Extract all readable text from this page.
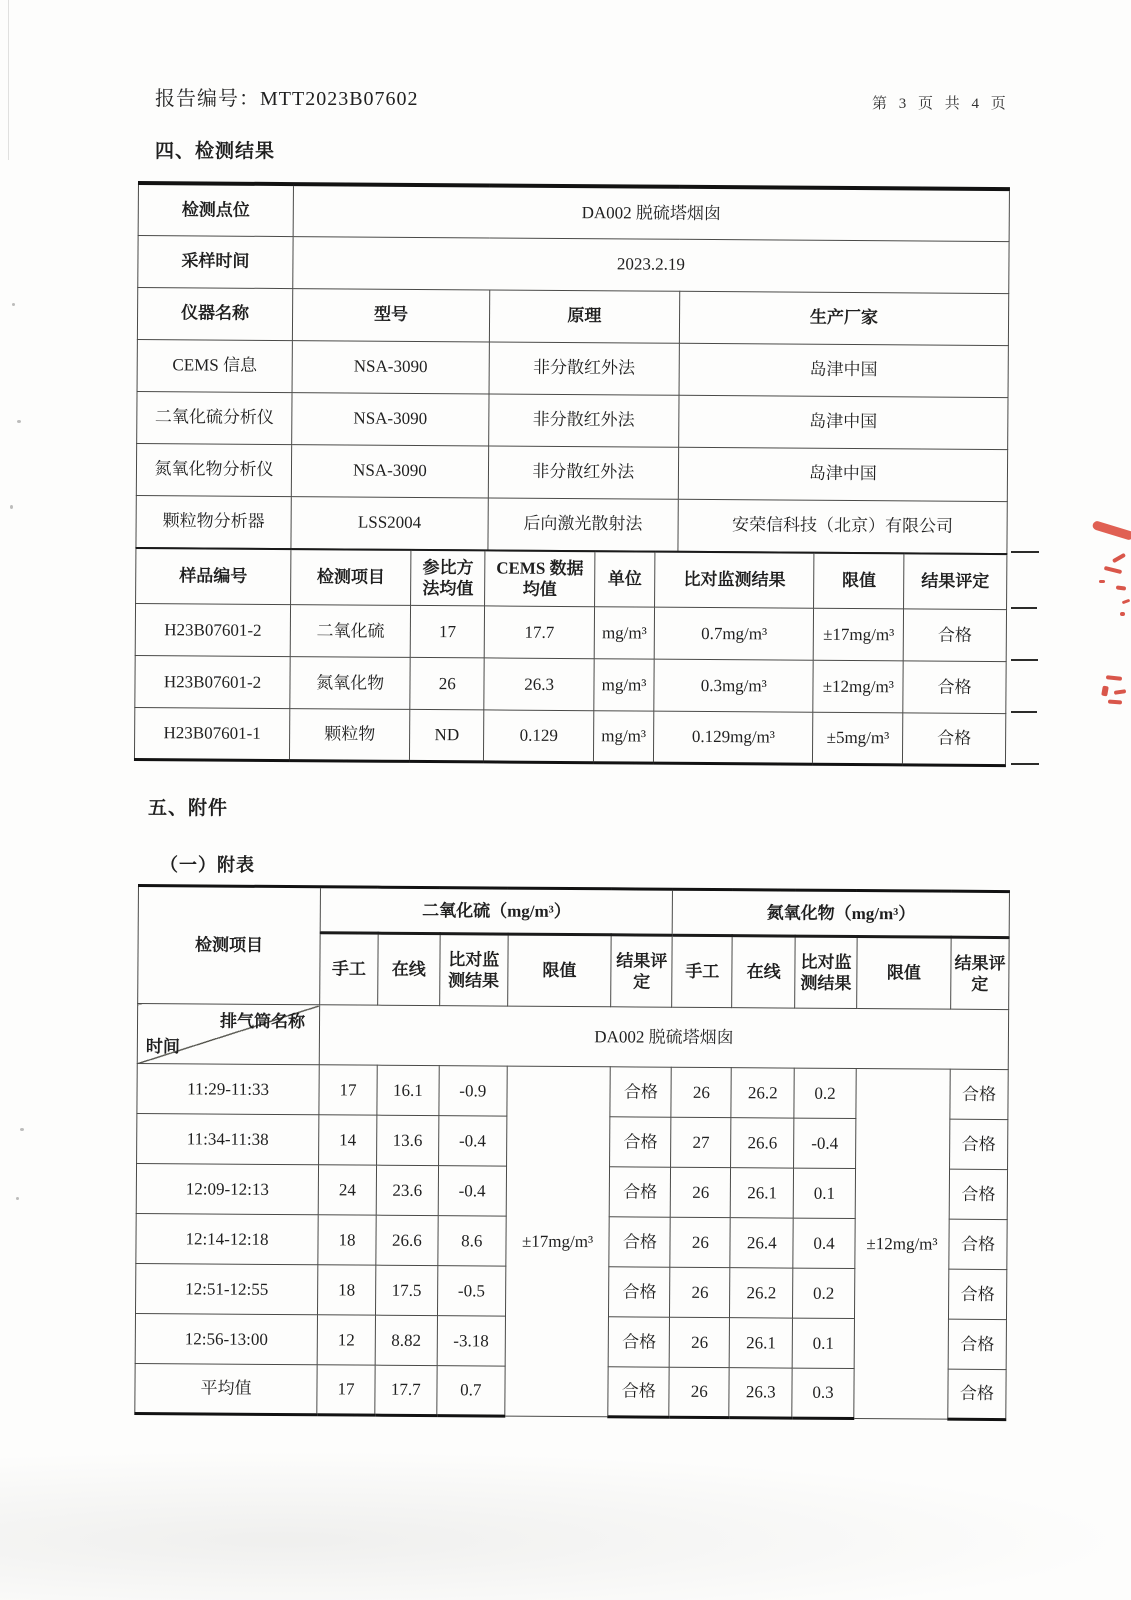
报告编号：MTT2023B07602	第 3 页 共 4 页
四、检测结果
检测点位	DA002 脱硫塔烟囱		
采样时间	2023.2.19		
仪器名称	型号	原理	生产厂家
CEMS 信息	NSA-3090	非分散红外法	岛津中国
二氧化硫分析仪	NSA-3090	非分散红外法	岛津中国
氮氧化物分析仪	NSA-3090	非分散红外法	岛津中国
颗粒物分析器	LSS2004	后向激光散射法	安荣信科技（北京）有限公司
样品编号	检测项目	参比方法均值	CEMS 数据均值	单位	比对监测结果	限值	结果评定
H23B07601-2	二氧化硫	17	17.7	mg/m³	0.7mg/m³	±17mg/m³	合格
H23B07601-2	氮氧化物	26	26.3	mg/m³	0.3mg/m³	±12mg/m³	合格
H23B07601-1	颗粒物	ND	0.129	mg/m³	0.129mg/m³	±5mg/m³	合格
五、附件
（一）附表
检测项目	二氧化硫（mg/m³）					氮氧化物（mg/m³）				
	手工	在线	比对监测结果	限值	结果评定	手工	在线	比对监测结果	限值	结果评定

排气筒名称
时间	DA002 脱硫塔烟囱									
11:29-11:33	17	16.1	-0.9	±17mg/m³	合格	26	26.2	0.2	±12mg/m³	合格
11:34-11:38	14	13.6	-0.4		合格	27	26.6	-0.4		合格
12:09-12:13	24	23.6	-0.4		合格	26	26.1	0.1		合格
12:14-12:18	18	26.6	8.6		合格	26	26.4	0.4		合格
12:51-12:55	18	17.5	-0.5		合格	26	26.2	0.2		合格
12:56-13:00	12	8.82	-3.18		合格	26	26.1	0.1		合格
平均值	17	17.7	0.7		合格	26	26.3	0.3		合格
